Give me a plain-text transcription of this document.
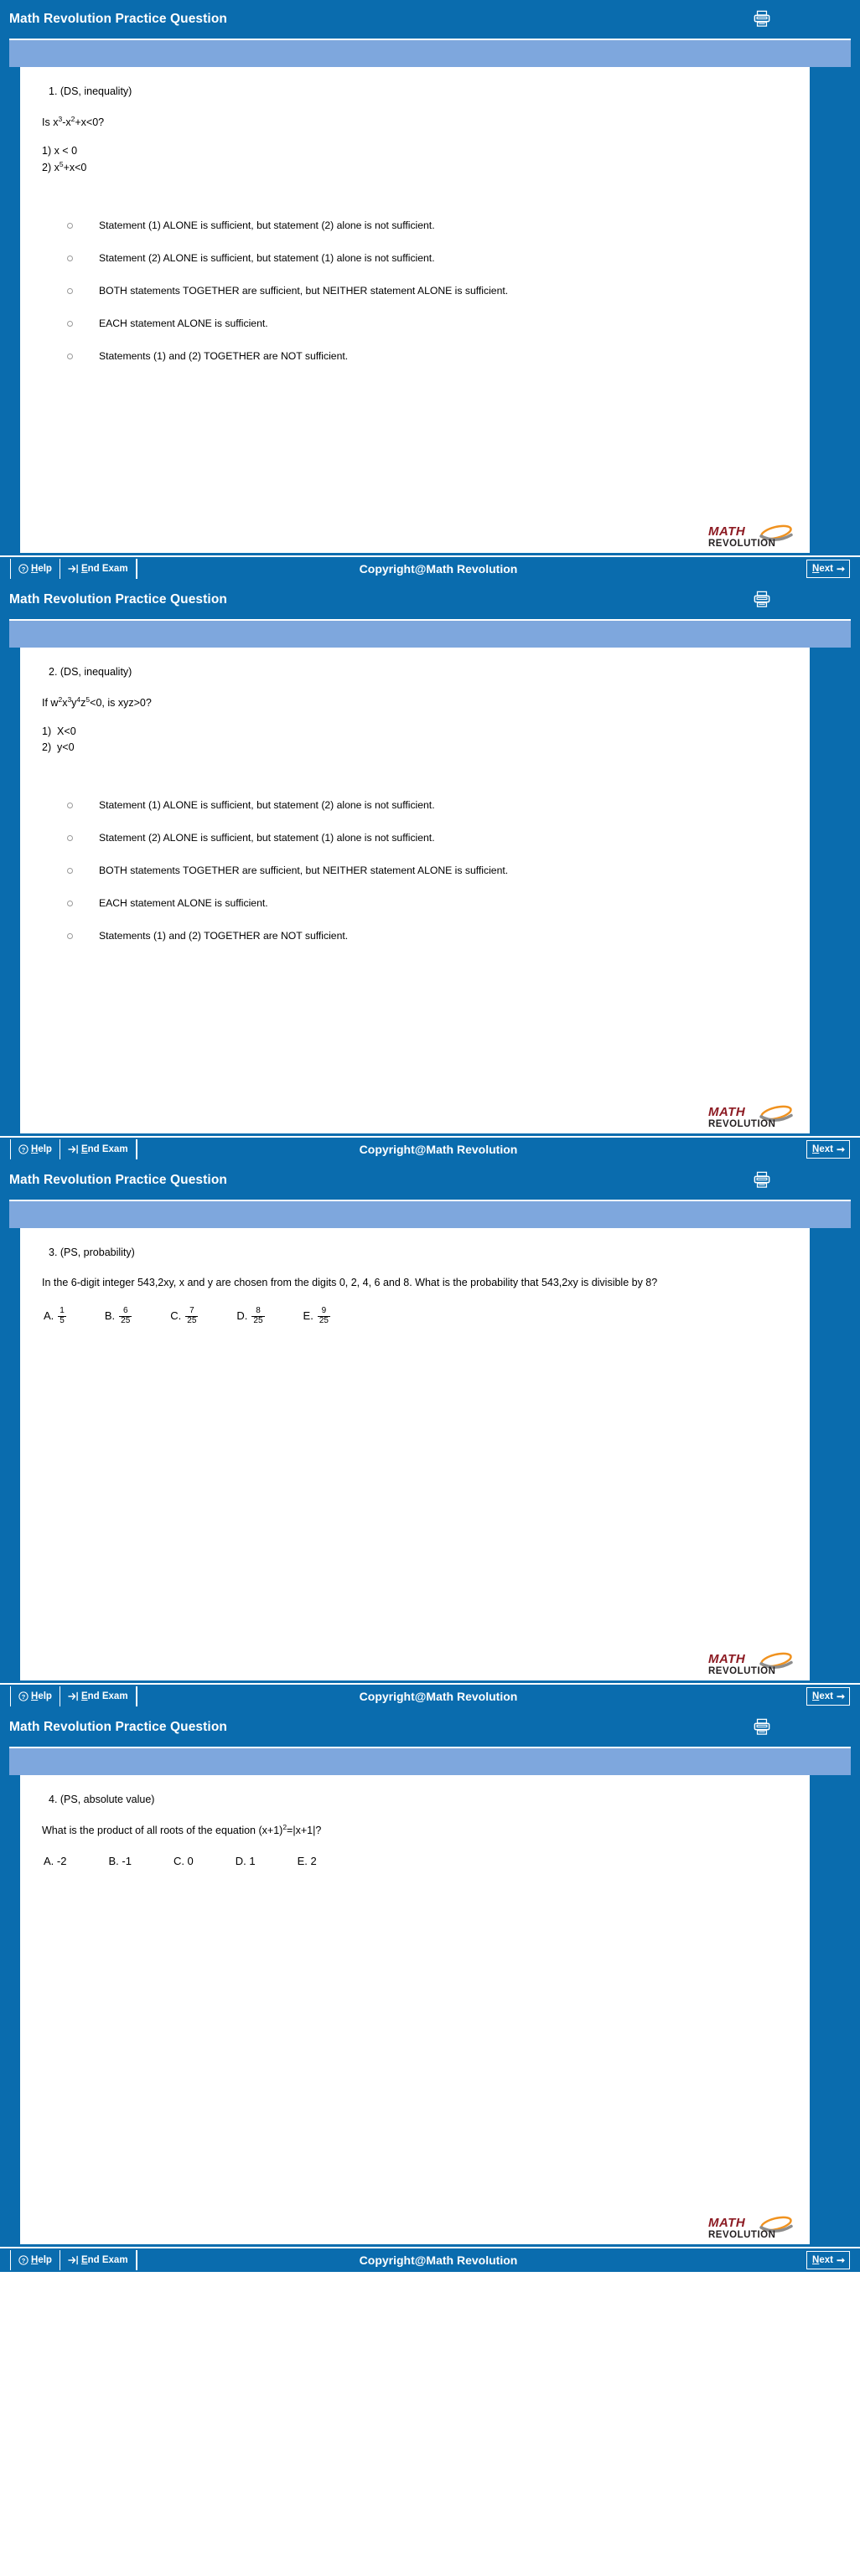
Math Revolution Practice Question
1. (DS, inequality)
Is $x^3-x^2+x<0$?
1) x < 0
2) $x^5+x<0$
Statement (1) ALONE is sufficient, but statement (2) alone is not sufficient.
Statement (2) ALONE is sufficient, but statement (1) alone is not sufficient.
BOTH statements TOGETHER are sufficient, but NEITHER statement ALONE is sufficient.
EACH statement ALONE is sufficient.
Statements (1) and (2) TOGETHER are NOT sufficient.
MATH
REVOLUTION
? Help	End Exam	Copyright@Math Revolution	Next ➞
Math Revolution Practice Question
2. (DS, inequality)
If $w^2x^3y^4z^5<0$, is xyz>0?
1)  X<0
2)  y<0
Statement (1) ALONE is sufficient, but statement (2) alone is not sufficient.
Statement (2) ALONE is sufficient, but statement (1) alone is not sufficient.
BOTH statements TOGETHER are sufficient, but NEITHER statement ALONE is sufficient.
EACH statement ALONE is sufficient.
Statements (1) and (2) TOGETHER are NOT sufficient.
MATH
REVOLUTION
? Help	End Exam	Copyright@Math Revolution	Next ➞
Math Revolution Practice Question
3. (PS, probability)
In the 6-digit integer 543,2xy, x and y are chosen from the digits 0, 2, 4, 6 and 8. What is the probability that 543,2xy is divisible by 8?
A. $\frac{1}{5}$	B. $\frac{6}{25}$	C. $\frac{7}{25}$	D. $\frac{8}{25}$	E. $\frac{9}{25}$
MATH
REVOLUTION
? Help	End Exam	Copyright@Math Revolution	Next ➞
Math Revolution Practice Question
4. (PS, absolute value)
What is the product of all roots of the equation $(x+1)^2=|x+1|$?
A. -2	B. -1	C. 0	D. 1	E. 2
MATH
REVOLUTION
? Help	End Exam	Copyright@Math Revolution	Next ➞
